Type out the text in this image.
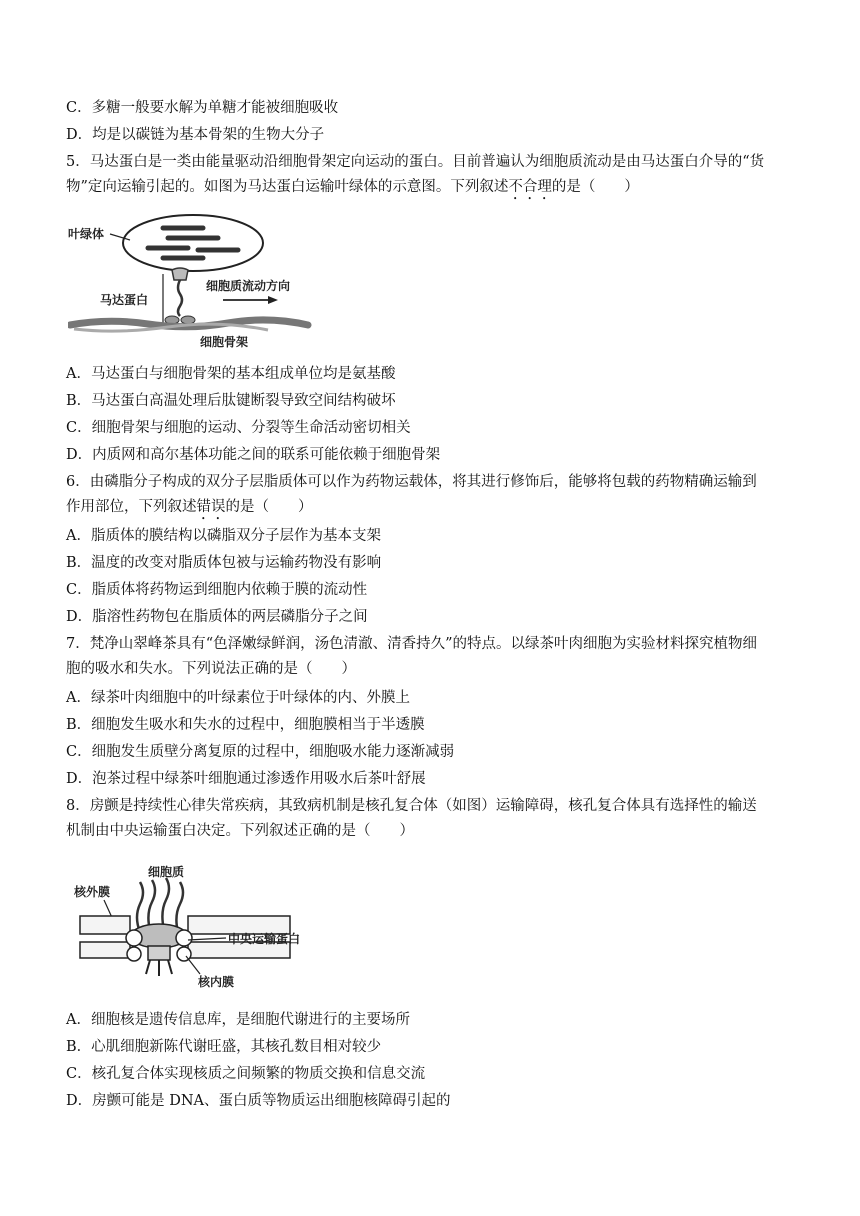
C．多糖一般要水解为单糖才能被细胞吸收
D．均是以碳链为基本骨架的生物大分子
5．马达蛋白是一类由能量驱动沿细胞骨架定向运动的蛋白。目前普遍认为细胞质流动是由马达蛋白介导的“货
物”定向运输引起的。如图为马达蛋白运输叶绿体的示意图。下列叙述不合理的是（　　）
叶绿体
马达蛋白
细胞质流动方向
细胞骨架
A．马达蛋白与细胞骨架的基本组成单位均是氨基酸
B．马达蛋白高温处理后肽键断裂导致空间结构破坏
C．细胞骨架与细胞的运动、分裂等生命活动密切相关
D．内质网和高尔基体功能之间的联系可能依赖于细胞骨架
6．由磷脂分子构成的双分子层脂质体可以作为药物运载体，将其进行修饰后，能够将包载的药物精确运输到
作用部位，下列叙述错误的是（　　）
A．脂质体的膜结构以磷脂双分子层作为基本支架
B．温度的改变对脂质体包被与运输药物没有影响
C．脂质体将药物运到细胞内依赖于膜的流动性
D．脂溶性药物包在脂质体的两层磷脂分子之间
7．梵净山翠峰茶具有“色泽嫩绿鲜润，汤色清澈、清香持久”的特点。以绿茶叶肉细胞为实验材料探究植物细
胞的吸水和失水。下列说法正确的是（　　）
A．绿茶叶肉细胞中的叶绿素位于叶绿体的内、外膜上
B．细胞发生吸水和失水的过程中，细胞膜相当于半透膜
C．细胞发生质壁分离复原的过程中，细胞吸水能力逐渐减弱
D．泡茶过程中绿茶叶细胞通过渗透作用吸水后茶叶舒展
8．房颤是持续性心律失常疾病，其致病机制是核孔复合体（如图）运输障碍，核孔复合体具有选择性的输送
机制由中央运输蛋白决定。下列叙述正确的是（　　）
细胞质
核外膜
中央运输蛋白
核内膜
A．细胞核是遗传信息库，是细胞代谢进行的主要场所
B．心肌细胞新陈代谢旺盛，其核孔数目相对较少
C．核孔复合体实现核质之间频繁的物质交换和信息交流
D．房颤可能是 DNA、蛋白质等物质运出细胞核障碍引起的
